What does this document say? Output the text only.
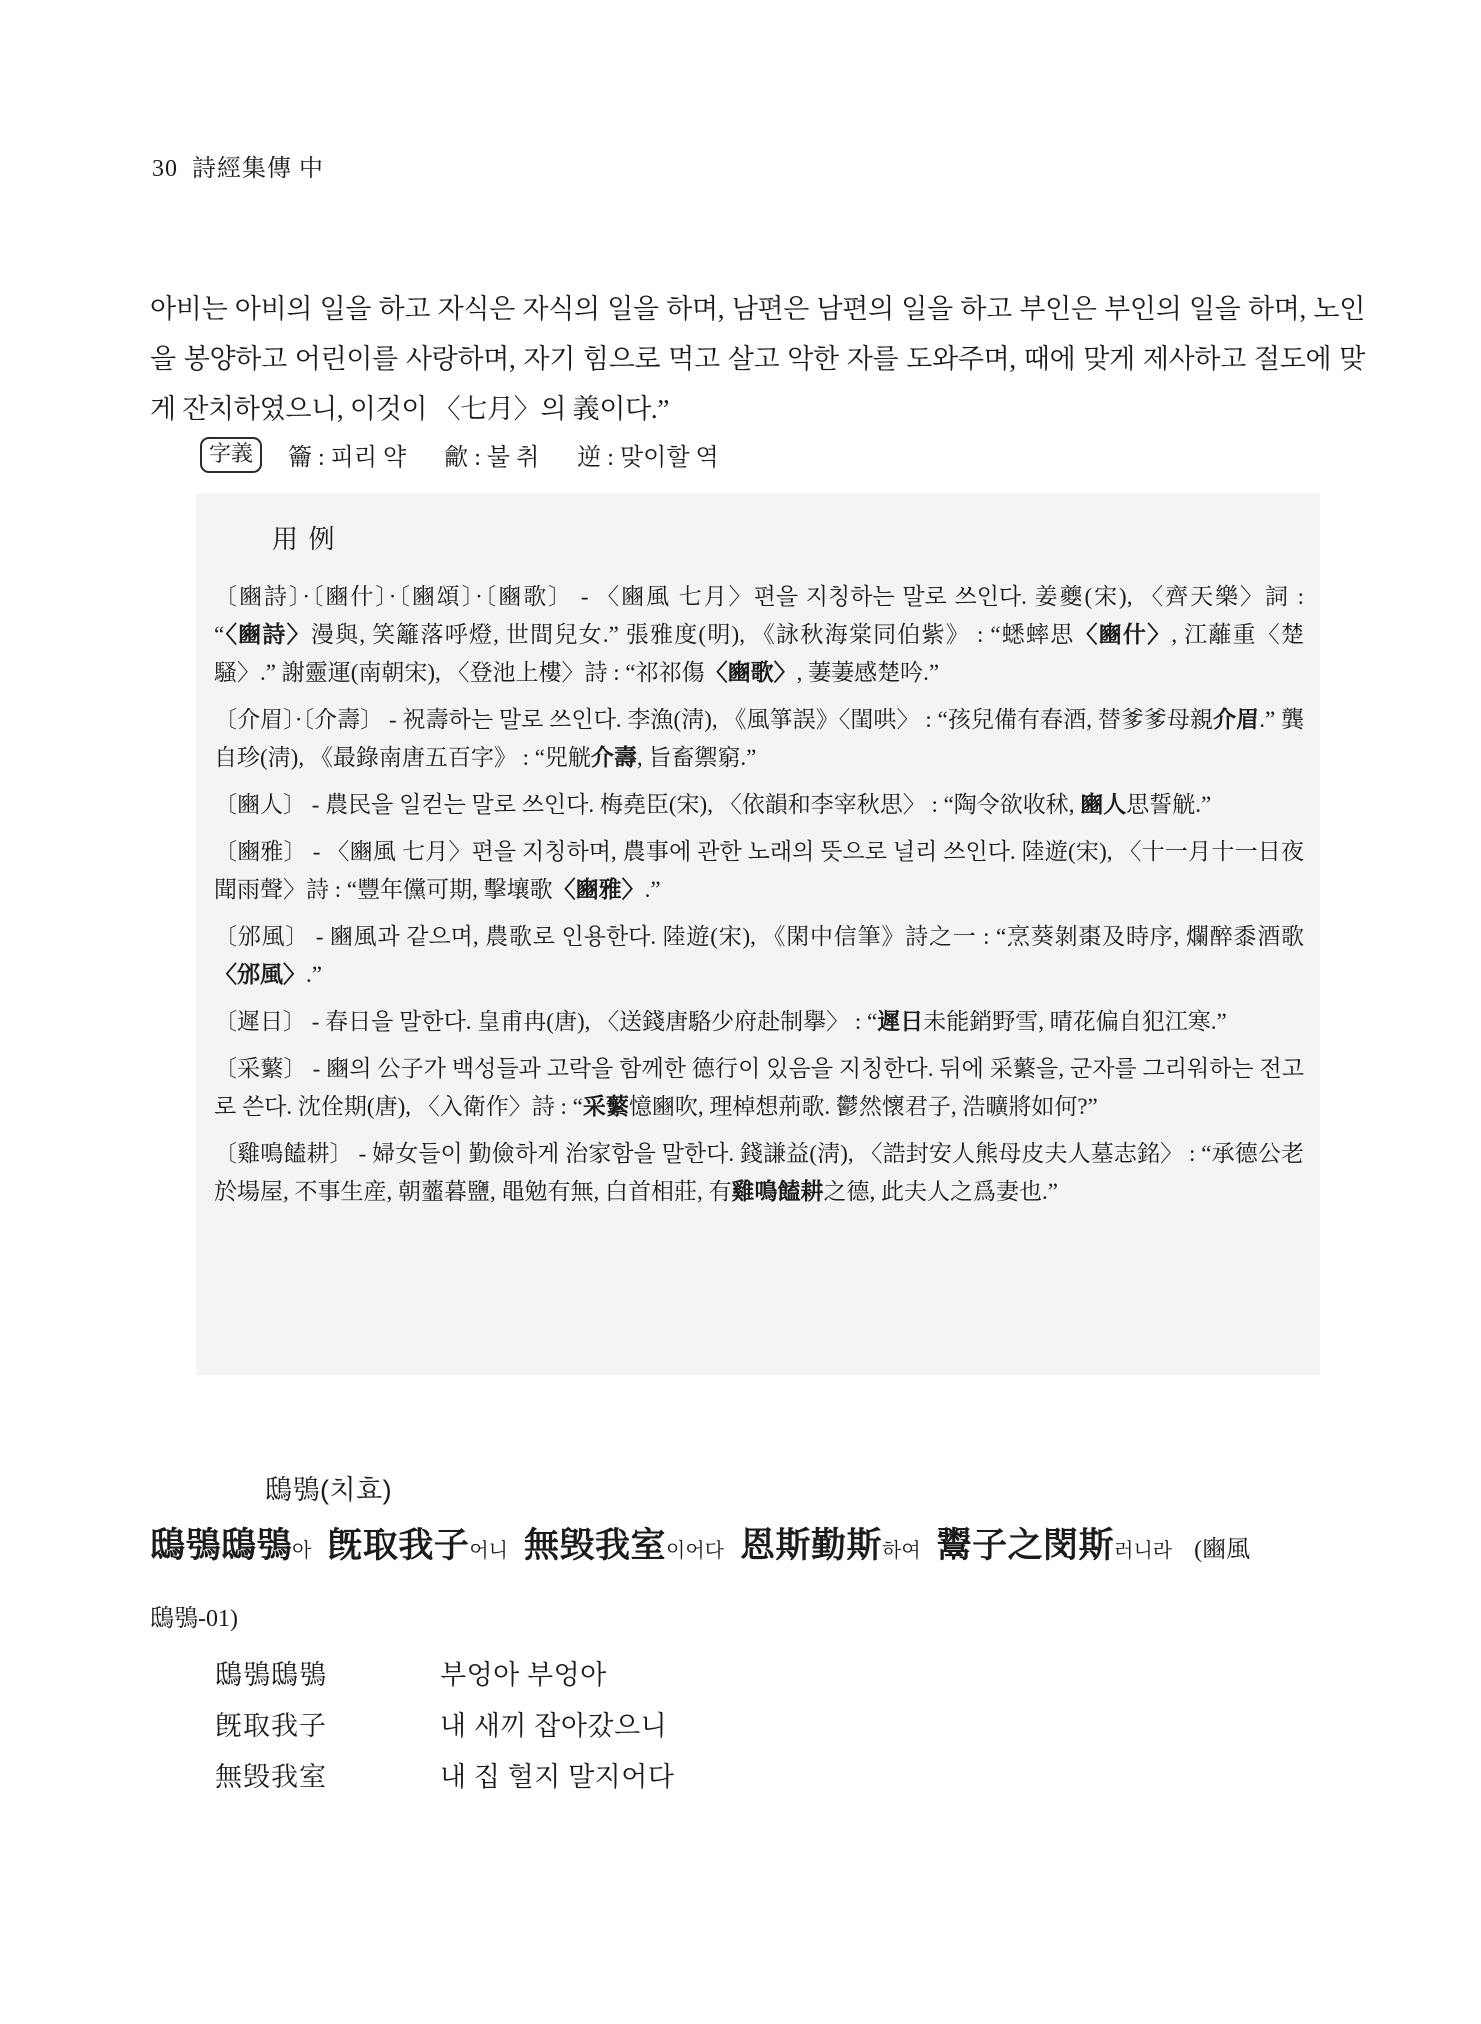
30 詩經集傳 中
아비는 아비의 일을 하고 자식은 자식의 일을 하며, 남편은 남편의 일을 하고 부인은 부인의 일을 하며, 노인을 봉양하고 어린이를 사랑하며, 자기 힘으로 먹고 살고 악한 자를 도와주며, 때에 맞게 제사하고 절도에 맞게 잔치하였으니, 이것이 〈七月〉의 義이다.”
字義	籥 : 피리 약 龡 : 불 취 逆 : 맞이할 역
用 例
〔豳詩〕·〔豳什〕·〔豳頌〕·〔豳歌〕 - 〈豳風 七月〉편을 지칭하는 말로 쓰인다. 姜夔(宋), 〈齊天樂〉詞 : “〈豳詩〉漫與, 笑籬落呼燈, 世間兒女.” 張雅度(明), 《詠秋海棠同伯紫》 : “蟋蟀思〈豳什〉, 江蘺重〈楚騷〉.” 謝靈運(南朝宋), 〈登池上樓〉詩 : “祁祁傷〈豳歌〉, 萋萋感楚吟.”
〔介眉〕·〔介壽〕 - 祝壽하는 말로 쓰인다. 李漁(淸), 《風箏誤》〈閨哄〉 : “孩兒備有春酒, 替爹爹母親介眉.” 龔自珍(淸), 《最錄南唐五百字》 : “兕觥介壽, 旨畜禦窮.”
〔豳人〕 - 農民을 일컫는 말로 쓰인다. 梅堯臣(宋), 〈依韻和李宰秋思〉 : “陶令欲收秫, 豳人思誓觥.”
〔豳雅〕 - 〈豳風 七月〉편을 지칭하며, 農事에 관한 노래의 뜻으로 널리 쓰인다. 陸遊(宋), 〈十一月十一日夜聞雨聲〉詩 : “豐年儻可期, 擊壤歌〈豳雅〉.”
〔邠風〕 - 豳風과 같으며, 農歌로 인용한다. 陸遊(宋), 《閑中信筆》詩之一 : “烹葵剝棗及時序, 爛醉黍酒歌〈邠風〉.”
〔遲日〕 - 春日을 말한다. 皇甫冉(唐), 〈送錢唐駱少府赴制擧〉 : “遲日未能銷野雪, 晴花偏自犯江寒.”
〔采蘩〕 - 豳의 公子가 백성들과 고락을 함께한 德行이 있음을 지칭한다. 뒤에 采蘩을, 군자를 그리워하는 전고로 쓴다. 沈佺期(唐), 〈入衛作〉詩 : “采蘩憶豳吹, 理棹想荊歌. 鬱然懷君子, 浩曠將如何?”
〔雞鳴饁耕〕 - 婦女들이 勤儉하게 治家함을 말한다. 錢謙益(淸), 〈誥封安人熊母皮夫人墓志銘〉 : “承德公老於場屋, 不事生産, 朝虀暮鹽, 黽勉有無, 白首相莊, 有雞鳴饁耕之德, 此夫人之爲妻也.”
鴟鴞(치효)
鴟鴞鴟鴞아 旣取我子어니 無毁我室이어다 恩斯勤斯하여 鬻子之閔斯러니라 (豳風
鴟鴞-01)
鴟鴞鴟鴞	부엉아 부엉아
旣取我子	내 새끼 잡아갔으니
無毁我室	내 집 헐지 말지어다
